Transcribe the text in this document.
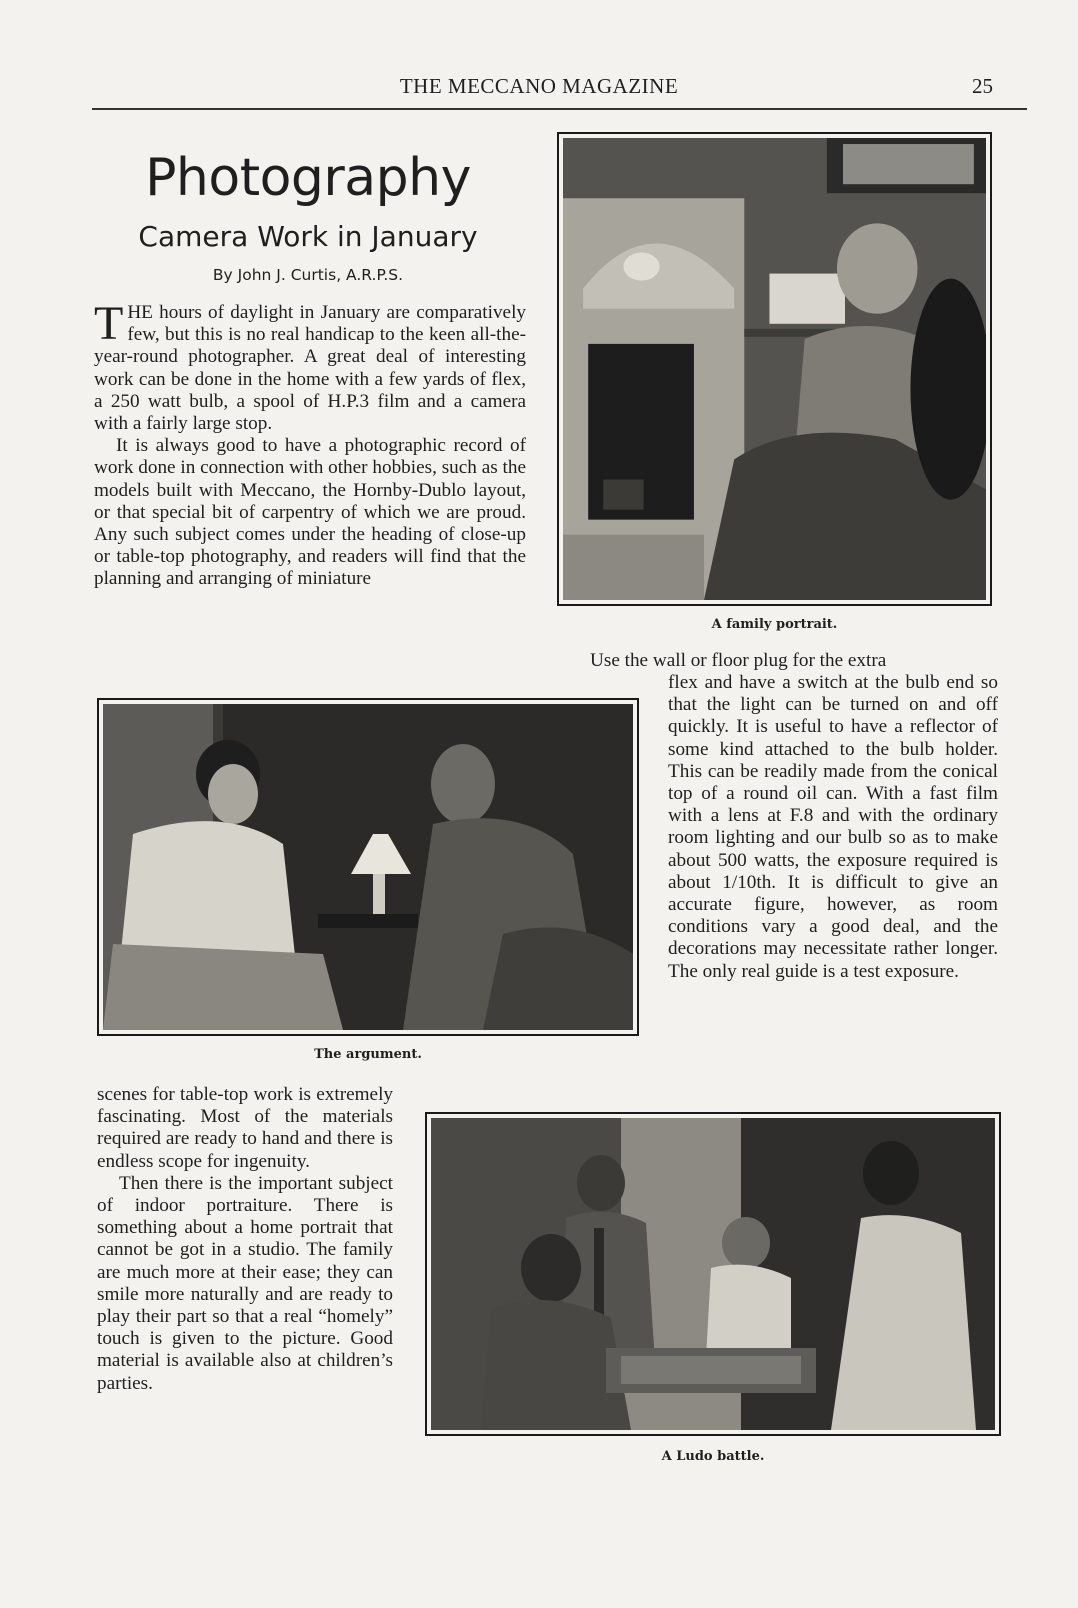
THE MECCANO MAGAZINE	25
Photography
Camera Work in January
By John J. Curtis, A.R.P.S.

THE hours of daylight in January are comparatively few, but this is no real handicap to the keen all-the-year-round photographer. A great deal of interesting work can be done in the home with a few yards of flex, a 250 watt bulb, a spool of H.P.3 film and a camera with a fairly large stop.

It is always good to have a photographic record of work done in connection with other hobbies, such as the models built with Meccano, the Hornby-Dublo layout, or that special bit of carpentry of which we are proud. Any such subject comes under the heading of close-up or table-top photography, and readers will find that the planning and arranging of miniature

A family portrait.
Use the wall or floor plug for the extra
flex and have a switch at the bulb end so that the light can be turned on and off quickly. It is useful to have a reflector of some kind attached to the bulb holder. This can be readily made from the conical top of a round oil can. With a fast film with a lens at F.8 and with the ordinary room lighting and our bulb so as to make about 500 watts, the exposure required is about 1/10th. It is difficult to give an accurate figure, however, as room conditions vary a good deal, and the decorations may necessitate rather longer. The only real guide is a test exposure.
The argument.

scenes for table-top work is extremely fascinating. Most of the materials required are ready to hand and there is endless scope for ingenuity.

Then there is the important subject of indoor portraiture. There is something about a home portrait that cannot be got in a studio. The family are much more at their ease; they can smile more naturally and are ready to play their part so that a real “homely” touch is given to the picture. Good material is available also at children’s parties.

A Ludo battle.
